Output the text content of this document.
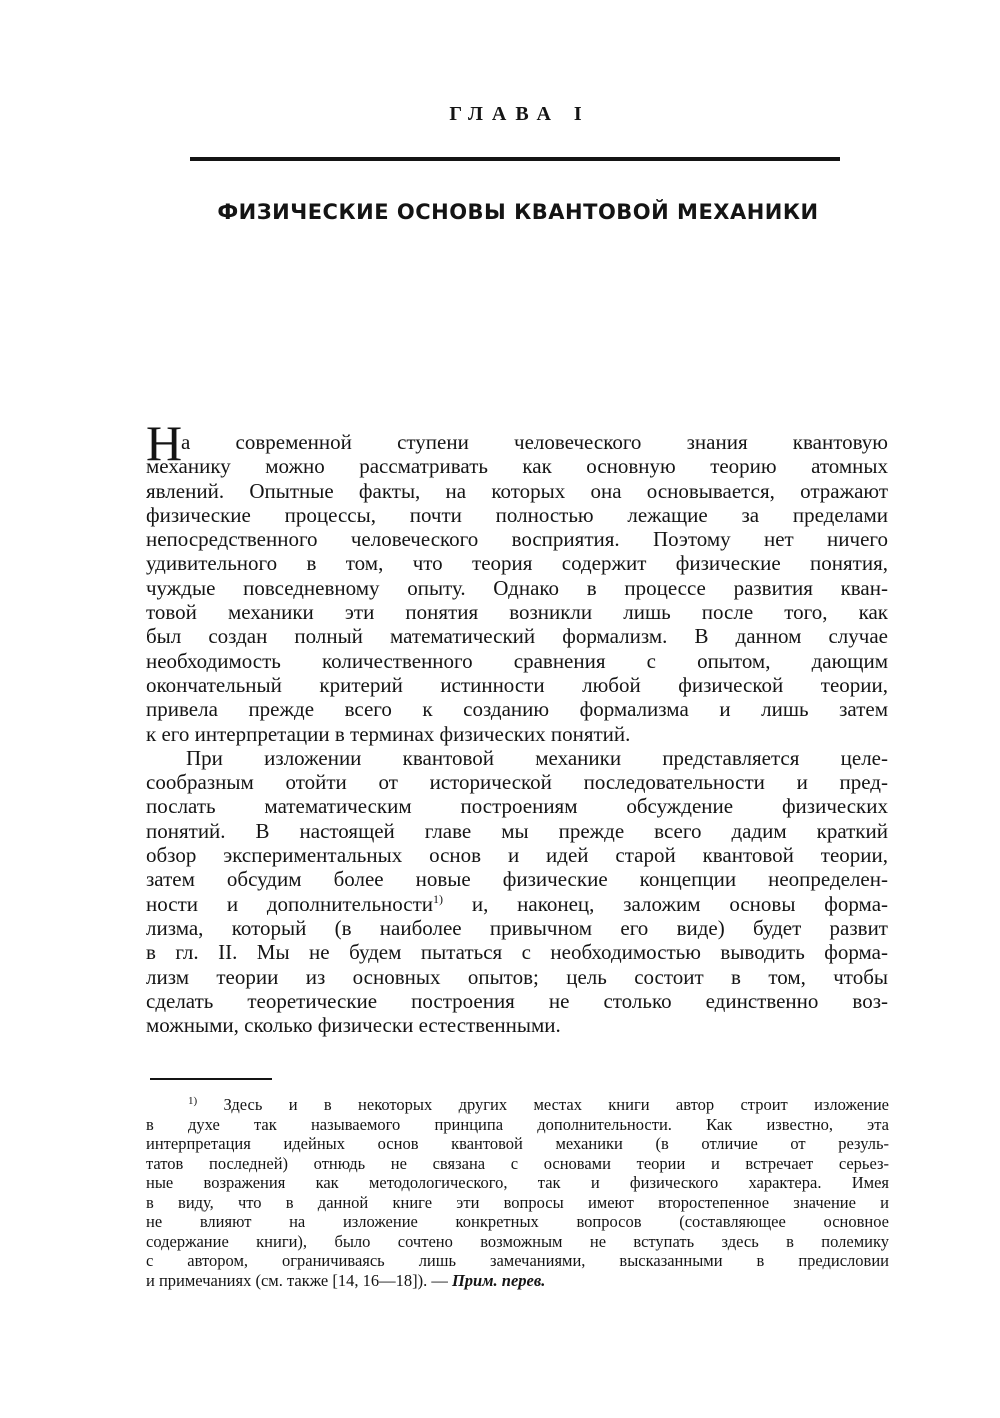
ГЛАВА I
ФИЗИЧЕСКИЕ ОСНОВЫ КВАНТОВОЙ МЕХАНИКИ
Н
а современной ступени человеческого знания квантовую
механику можно рассматривать как основную теорию атомных
явлений. Опытные факты, на которых она основывается, отражают
физические процессы, почти полностью лежащие за пределами
непосредственного человеческого восприятия. Поэтому нет ничего
удивительного в том, что теория содержит физические понятия,
чуждые повседневному опыту. Однако в процессе развития кван-
товой механики эти понятия возникли лишь после того, как
был создан полный математический формализм. В данном случае
необходимость количественного сравнения с опытом, дающим
окончательный критерий истинности любой физической теории,
привела прежде всего к созданию формализма и лишь затем
к его интерпретации в терминах физических понятий.
При изложении квантовой механики представляется целе-
сообразным отойти от исторической последовательности и пред-
послать математическим построениям обсуждение физических
понятий. В настоящей главе мы прежде всего дадим краткий
обзор экспериментальных основ и идей старой квантовой теории,
затем обсудим более новые физические концепции неопределен-
ности и дополнительности$^{1)}$ и, наконец, заложим основы форма-
лизма, который (в наиболее привычном его виде) будет развит
в гл. II. Мы не будем пытаться с необходимостью выводить форма-
лизм теории из основных опытов; цель состоит в том, чтобы
сделать теоретические построения не столько единственно воз-
можными, сколько физически естественными.
$^{1)}$ Здесь и в некоторых других местах книги автор строит изложение
в духе так называемого принципа дополнительности. Как известно, эта
интерпретация идейных основ квантовой механики (в отличие от резуль-
татов последней) отнюдь не связана с основами теории и встречает серьез-
ные возражения как методологического, так и физического характера. Имея
в виду, что в данной книге эти вопросы имеют второстепенное значение и
не влияют на изложение конкретных вопросов (составляющее основное
содержание книги), было сочтено возможным не вступать здесь в полемику
с автором, ограничиваясь лишь замечаниями, высказанными в предисловии
и примечаниях (см. также [14, 16—18]). — Прим. перев.
